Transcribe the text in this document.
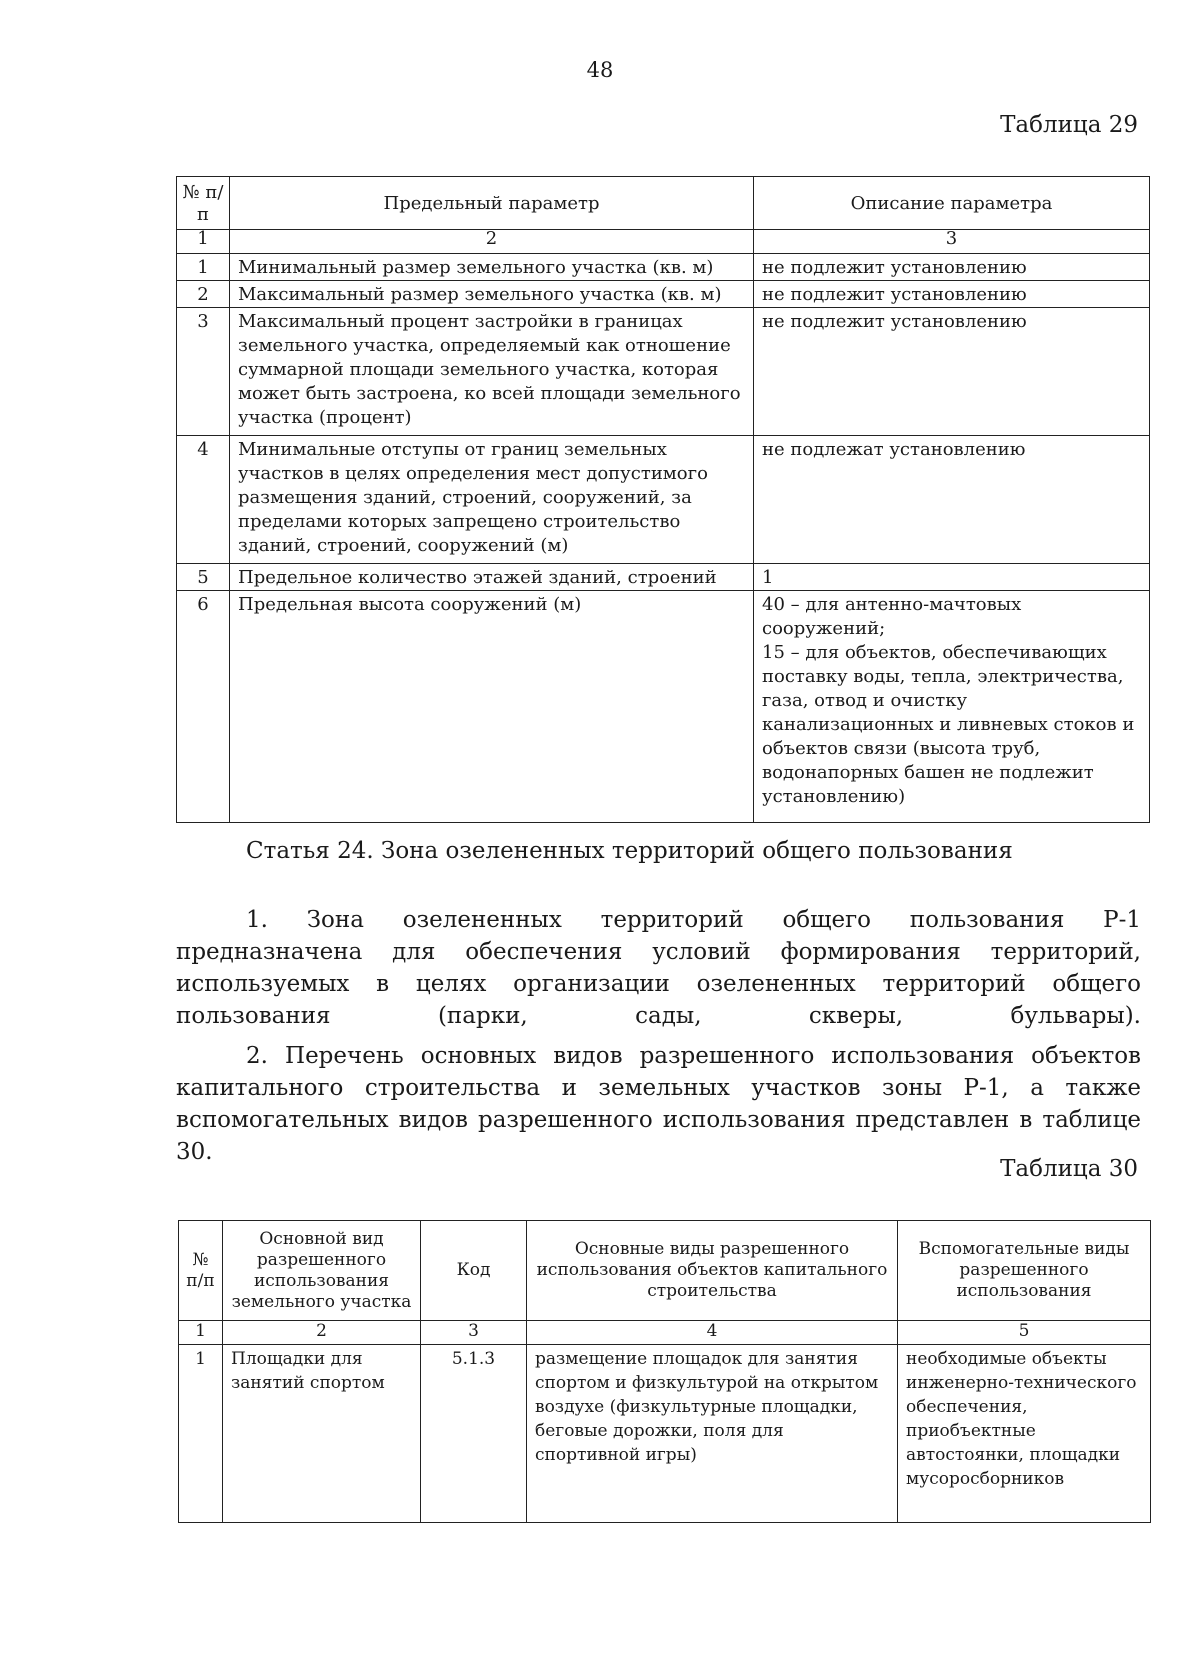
48
Таблица 29
№ п/п	Предельный параметр	Описание параметра
1	2	3
1	Минимальный размер земельного участка (кв. м)	не подлежит установлению
2	Максимальный размер земельного участка (кв. м)	не подлежит установлению
3	Максимальный процент застройки в границах земельного участка, определяемый как отношение суммарной площади земельного участка, которая может быть застроена, ко всей площади земельного участка (процент)	не подлежит установлению
4	Минимальные отступы от границ земельных участков в целях определения мест допустимого размещения зданий, строений, сооружений, за пределами которых запрещено строительство зданий, строений, сооружений (м)	не подлежат установлению
5	Предельное количество этажей зданий, строений	1
6	Предельная высота сооружений (м)	40 – для антенно-мачтовых сооружений;
15 – для объектов, обеспечивающих поставку воды, тепла, электричества, газа, отвод и очистку канализационных и ливневых стоков и объектов связи (высота труб, водонапорных башен не подлежит установлению)
Статья 24. Зона озелененных территорий общего пользования

1. Зона озелененных территорий общего пользования Р-1 предназначена для обеспечения условий формирования территорий, используемых в целях организации озелененных территорий общего пользования (парки, сады, скверы, бульвары).

2. Перечень основных видов разрешенного использования объектов капитального строительства и земельных участков зоны Р-1, а также вспомогательных видов разрешенного использования представлен в таблице 30.

Таблица 30
№ п/п	Основной вид разрешенного использования земельного участка	Код	Основные виды разрешенного использования объектов капитального строительства	Вспомогательные виды разрешенного использования
1	2	3	4	5
1	Площадки для занятий спортом	5.1.3	размещение площадок для занятия спортом и физкультурой на открытом воздухе (физкультурные площадки, беговые дорожки, поля для спортивной игры)	необходимые объекты инженерно-технического обеспечения, приобъектные автостоянки, площадки мусоросборников
